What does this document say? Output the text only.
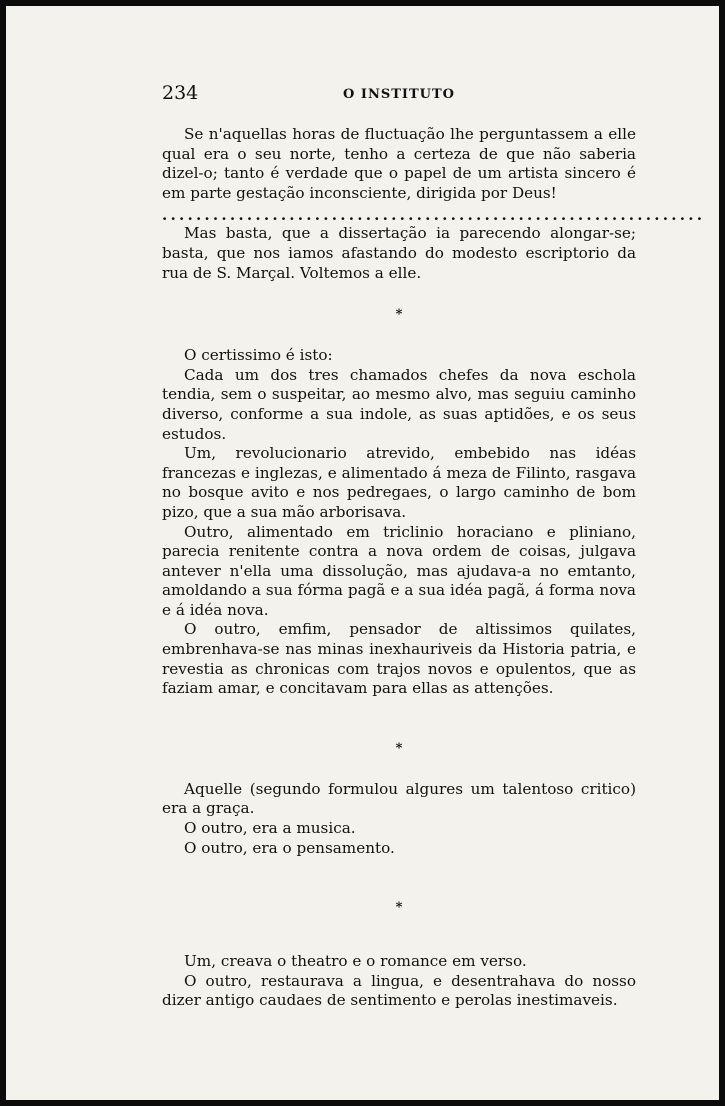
234	O INSTITUTO

Se n'aquellas horas de fluctuação lhe perguntassem a elle qual era o seu norte, tenho a certeza de que não saberia dizel-o; tanto é verdade que o papel de um artista sincero é em parte gestação inconsciente, dirigida por Deus!

................................................................

Mas basta, que a dissertação ia parecendo alongar-se; basta, que nos iamos afastando do modesto escriptorio da rua de S. Marçal. Voltemos a elle.

*

O certissimo é isto:

Cada um dos tres chamados chefes da nova eschola tendia, sem o suspeitar, ao mesmo alvo, mas seguiu caminho diverso, conforme a sua indole, as suas aptidões, e os seus estudos.

Um, revolucionario atrevido, embebido nas idéas francezas e inglezas, e alimentado á meza de Filinto, rasgava no bosque avito e nos pedregaes, o largo caminho de bom pizo, que a sua mão arborisava.

Outro, alimentado em triclinio horaciano e pliniano, parecia renitente contra a nova ordem de coisas, julgava antever n'ella uma dissolução, mas ajudava-a no emtanto, amoldando a sua fórma pagã e a sua idéa pagã, á forma nova e á idéa nova.

O outro, emfim, pensador de altissimos quilates, embrenhava-se nas minas inexhauriveis da Historia patria, e revestia as chronicas com trajos novos e opulentos, que as faziam amar, e concitavam para ellas as attenções.

*

Aquelle (segundo formulou algures um talentoso critico) era a graça.

O outro, era a musica.

O outro, era o pensamento.

*

Um, creava o theatro e o romance em verso.

O outro, restaurava a lingua, e desentrahava do nosso dizer antigo caudaes de sentimento e perolas inestimaveis.
